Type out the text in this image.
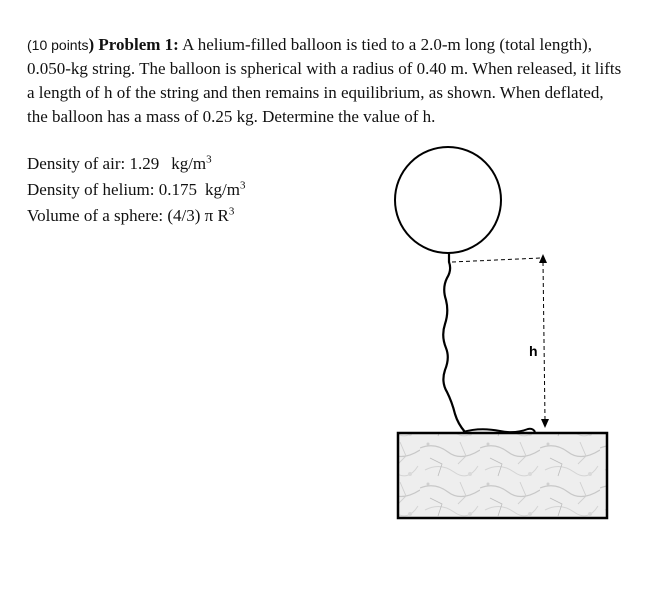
(10 points) Problem 1: A helium-filled balloon is tied to a 2.0-m long (total length), 0.050-kg string. The balloon is spherical with a radius of 0.40 m. When released, it lifts a length of h of the string and then remains in equilibrium, as shown. When deflated, the balloon has a mass of 0.25 kg. Determine the value of h.
Density of air: 1.29 $kg/m^3$
Density of helium: 0.175 $kg/m^3$
Volume of a sphere: (4/3) π $R^3$
h
